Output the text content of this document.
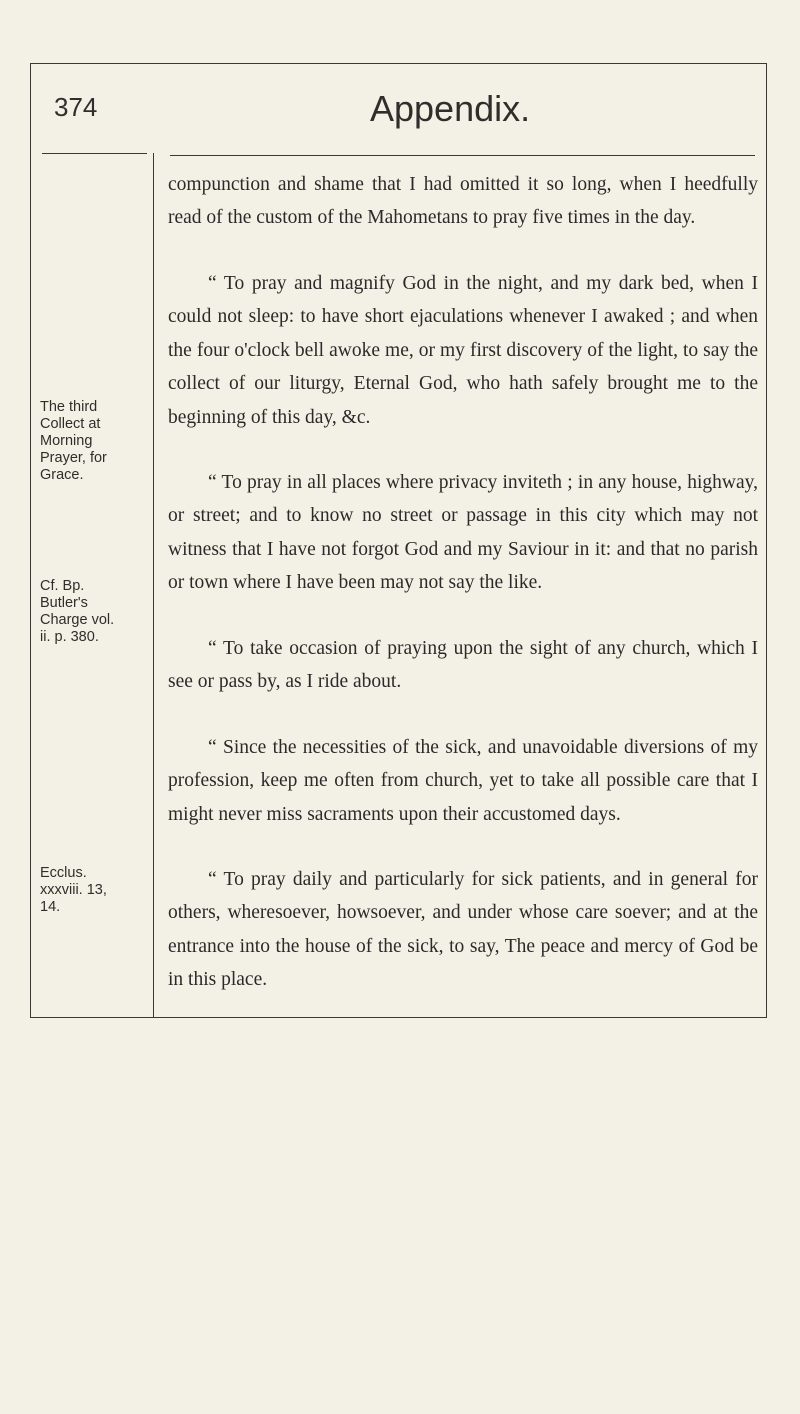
374	Appendix.
The third
Collect at
Morning
Prayer, for
Grace.
Cf. Bp.
Butler's
Charge vol.
ii. p. 380.
Ecclus.
xxxviii. 13,
14.
compunction and shame that I had omitted it so long, when I heedfully read of the custom of the Mahometans to pray five times in the day.
“ To pray and magnify God in the night, and my dark bed, when I could not sleep: to have short ejaculations whenever I awaked ; and when the four o'clock bell awoke me, or my first discovery of the light, to say the collect of our liturgy, Eternal God, who hath safely brought me to the beginning of this day, &c.
“ To pray in all places where privacy inviteth ; in any house, highway, or street; and to know no street or passage in this city which may not witness that I have not forgot God and my Saviour in it: and that no parish or town where I have been may not say the like.
“ To take occasion of praying upon the sight of any church, which I see or pass by, as I ride about.
“ Since the necessities of the sick, and unavoidable diversions of my profession, keep me often from church, yet to take all possible care that I might never miss sacraments upon their accustomed days.
“ To pray daily and particularly for sick patients, and in general for others, wheresoever, howsoever, and under whose care soever; and at the entrance into the house of the sick, to say, The peace and mercy of God be in this place.
